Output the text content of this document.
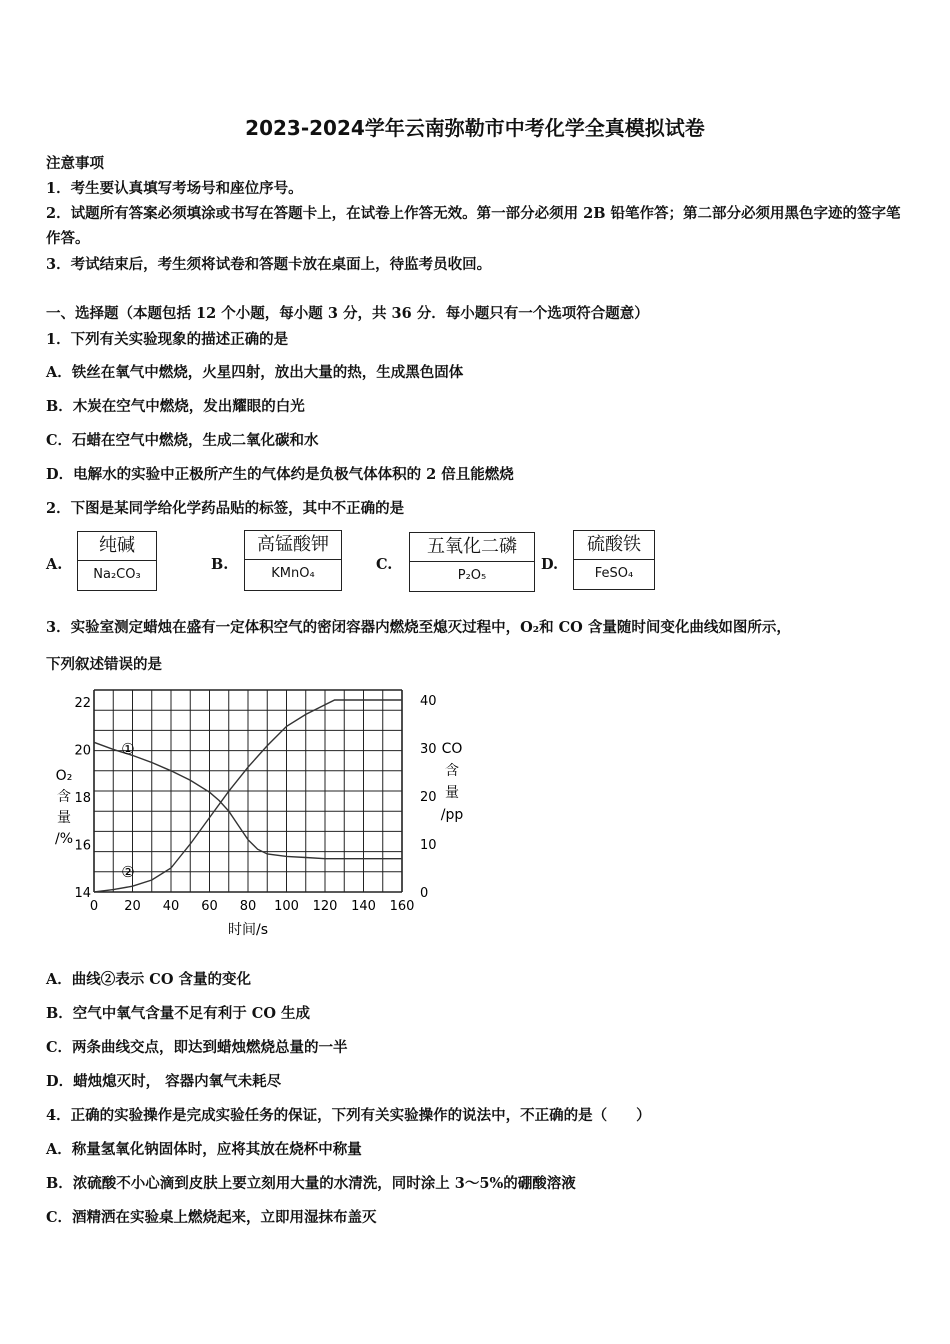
2023-2024学年云南弥勒市中考化学全真模拟试卷
注意事项
1．考生要认真填写考场号和座位序号。
2．试题所有答案必须填涂或书写在答题卡上，在试卷上作答无效。第一部分必须用 2B 铅笔作答；第二部分必须用黑色字迹的签字笔作答。
3．考试结束后，考生须将试卷和答题卡放在桌面上，待监考员收回。
一、选择题（本题包括 12 个小题，每小题 3 分，共 36 分．每小题只有一个选项符合题意）
1．下列有关实验现象的描述正确的是
A．铁丝在氧气中燃烧，火星四射，放出大量的热，生成黑色固体
B．木炭在空气中燃烧，发出耀眼的白光
C．石蜡在空气中燃烧，生成二氧化碳和水
D．电解水的实验中正极所产生的气体约是负极气体体积的 2 倍且能燃烧
2．下图是某同学给化学药品贴的标签，其中不正确的是
A.
纯碱
Na₂CO₃
B.
高锰酸钾
KMnO₄
C.
五氧化二磷
P₂O₅
D.
硫酸铁
FeSO₄
3．实验室测定蜡烛在盛有一定体积空气的密闭容器内燃烧至熄灭过程中，O₂和 CO 含量随时间变化曲线如图所示，
下列叙述错误的是
0 20 40 60 80 100 120 140 160
14
16
18
20
22
0
10
20
30
40
①
②
时间/s
O₂
含
量
/%
CO
含
量
/pp
A．曲线②表示 CO 含量的变化
B．空气中氧气含量不足有利于 CO 生成
C．两条曲线交点，即达到蜡烛燃烧总量的一半
D．蜡烛熄灭时， 容器内氧气未耗尽
4．正确的实验操作是完成实验任务的保证，下列有关实验操作的说法中，不正确的是（　　）
A．称量氢氧化钠固体时，应将其放在烧杯中称量
B．浓硫酸不小心滴到皮肤上要立刻用大量的水清洗，同时涂上 3～5%的硼酸溶液
C．酒精洒在实验桌上燃烧起来，立即用湿抹布盖灭
